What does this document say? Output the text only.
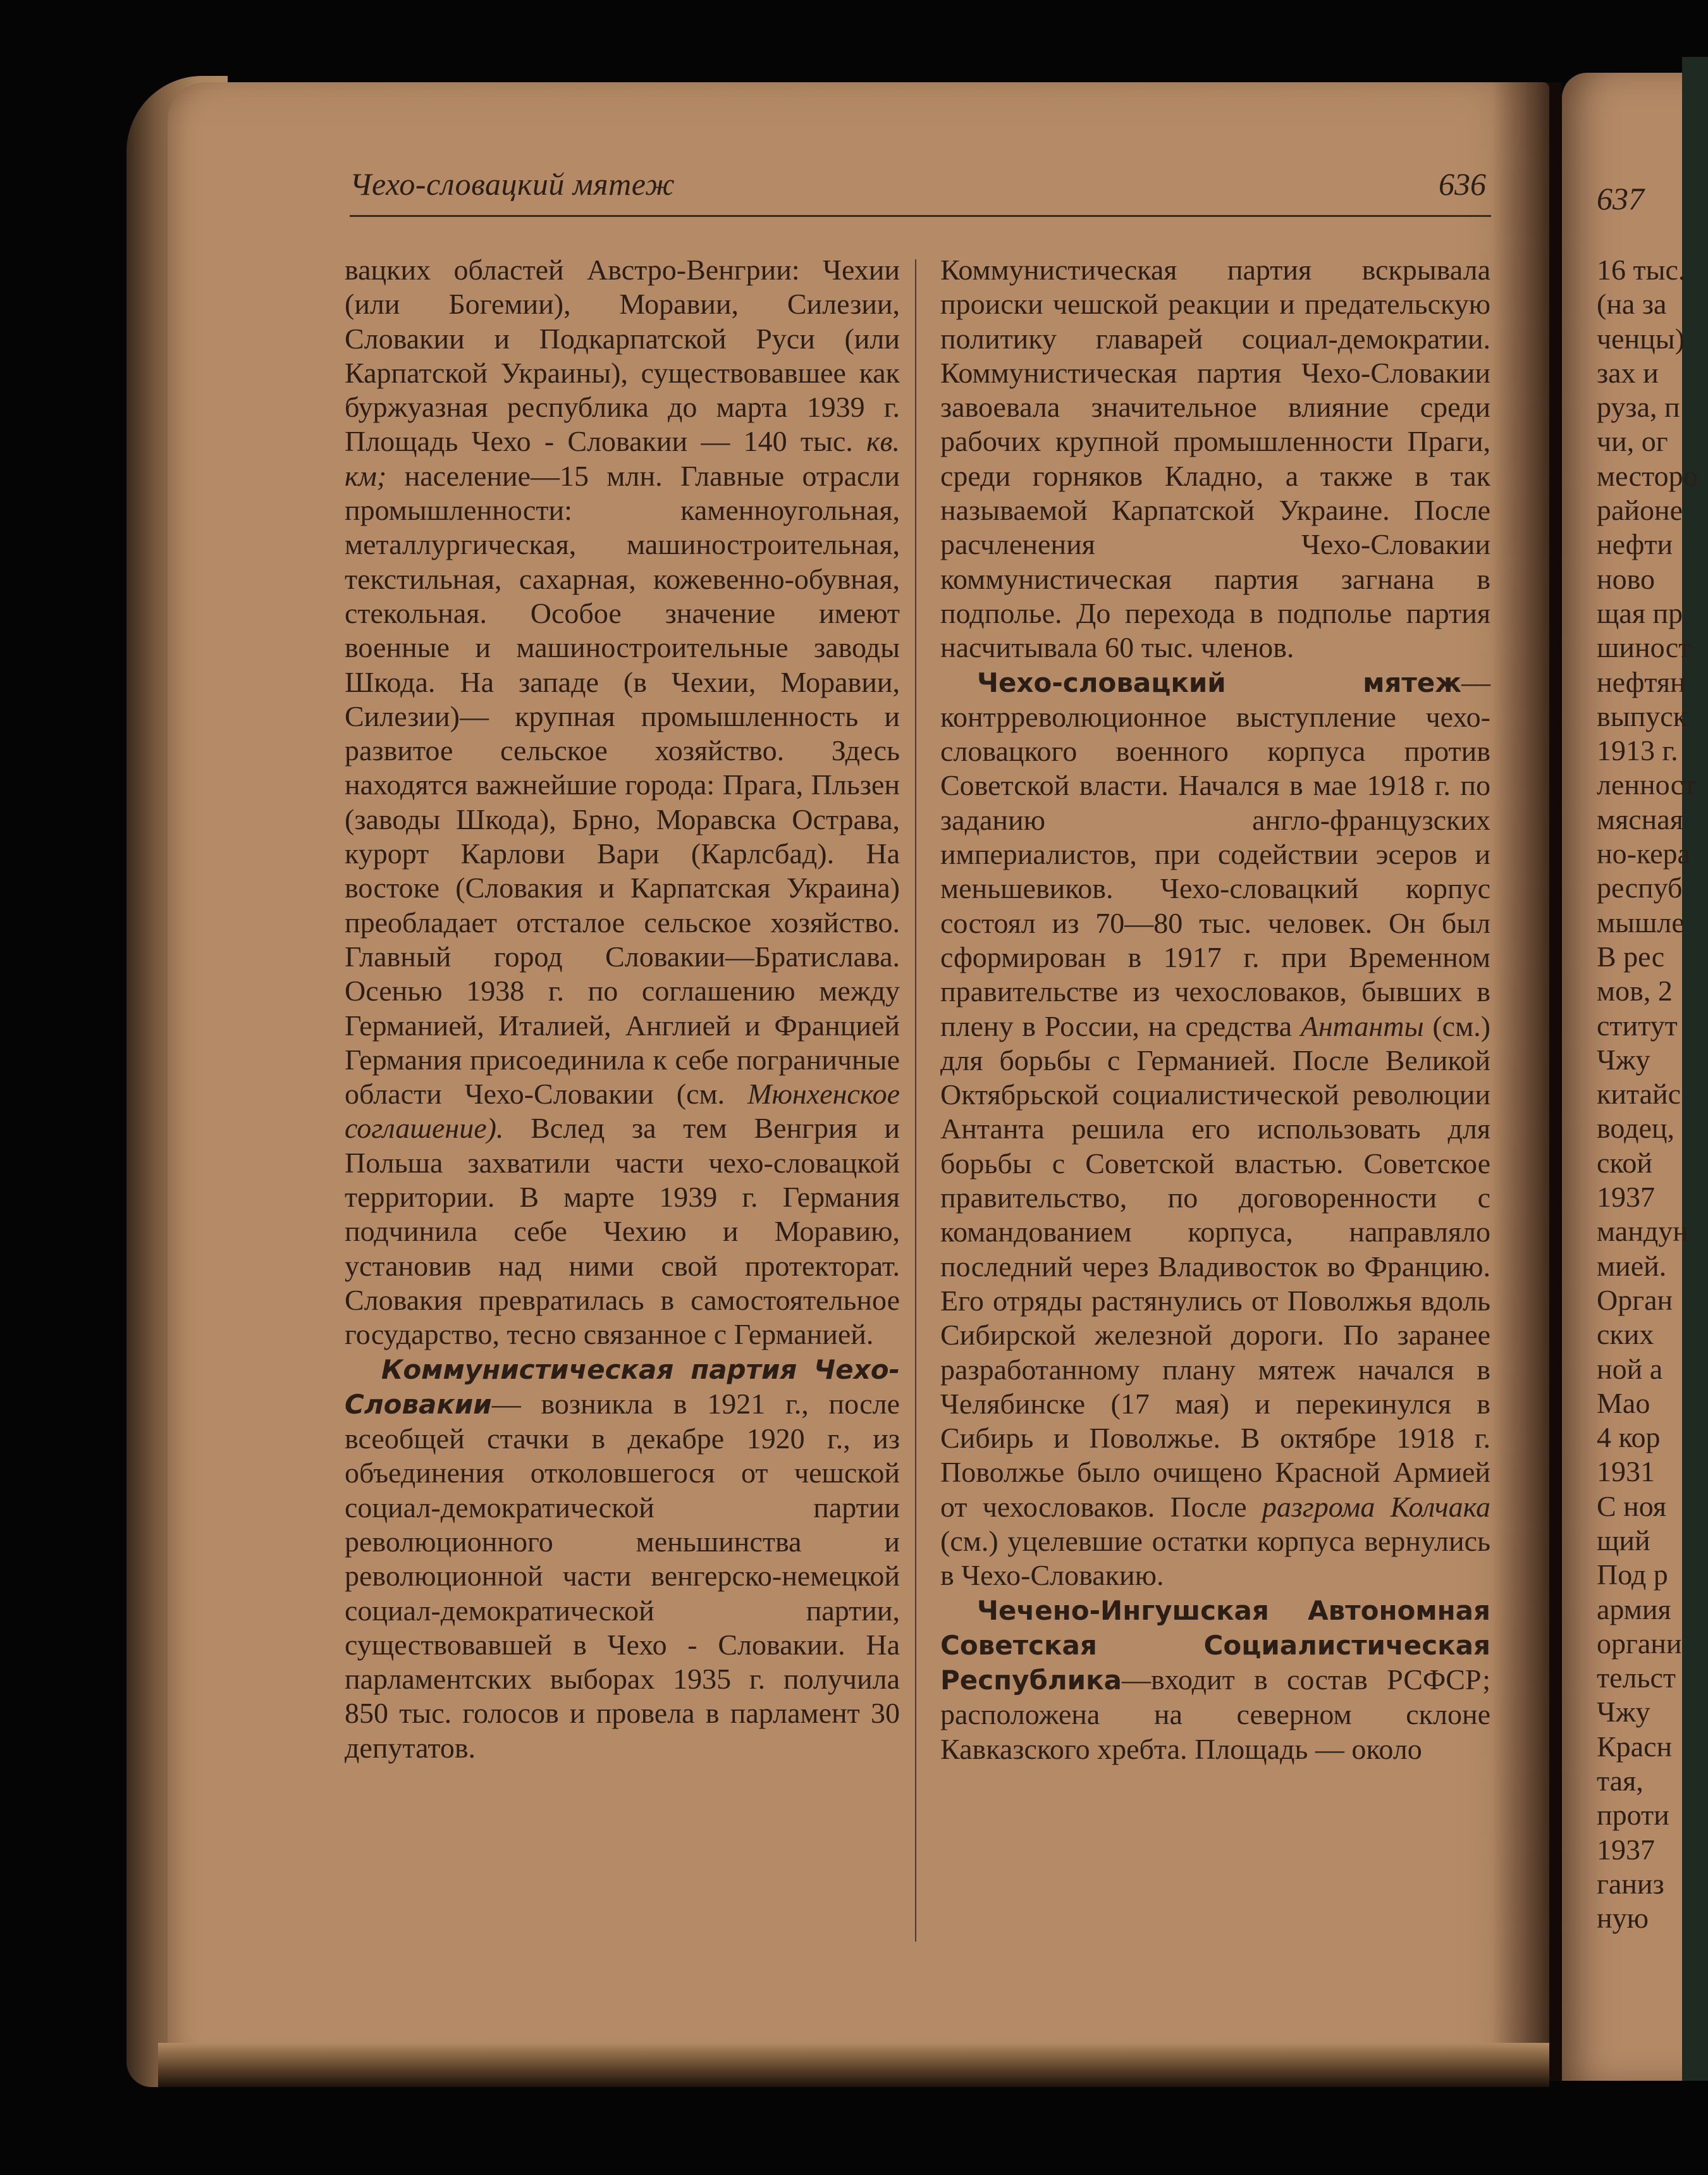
Чехо-словацкий мятеж	636	637

вацких областей Австро-Венгрии: Чехии (или Богемии), Моравии, Силезии, Словакии и Подкарпатской Руси (или Карпатской Украины), существовавшее как буржуазная республика до марта 1939 г. Площадь Чехо - Словакии — 140 тыс. кв. км; население—15 млн. Главные отрасли промышленности: каменноугольная, металлургическая, машиностроительная, текстильная, сахарная, кожевенно-обувная, стекольная. Особое значение имеют военные и машиностроительные заводы Шкода. На западе (в Чехии, Моравии, Силезии)— крупная промышленность и развитое сельское хозяйство. Здесь находятся важнейшие города: Прага, Пльзен (заводы Шкода), Брно, Моравска Острава, курорт Карлови Вари (Карлсбад). На востоке (Словакия и Карпатская Украина) преобладает отсталое сельское хозяйство. Главный город Словакии—Братислава. Осенью 1938 г. по соглашению между Германией, Италией, Англией и Францией Германия присоединила к себе пограничные области Чехо-Словакии (см. Мюнхенское соглашение). Вслед за тем Венгрия и Польша захватили части чехо-словацкой территории. В марте 1939 г. Германия подчинила себе Чехию и Моравию, установив над ними свой протекторат. Словакия превратилась в самостоятельное государство, тесно связанное с Германией.

Коммунистическая партия Чехо-Словакии— возникла в 1921 г., после всеобщей стачки в декабре 1920 г., из объединения отколовшегося от чешской социал-демократической партии революционного меньшинства и революционной части венгерско-немецкой социал-демократической партии, существовавшей в Чехо - Словакии. На парламентских выборах 1935 г. получила 850 тыс. голосов и провела в парламент 30 депутатов.

Коммунистическая партия вскрывала происки чешской реакции и предательскую политику главарей социал-демократии. Коммунистическая партия Чехо-Словакии завоевала значительное влияние среди рабочих крупной промышленности Праги, среди горняков Кладно, а также в так называемой Карпатской Украине. После расчленения Чехо-Словакии коммунистическая партия загнана в подполье. До перехода в подполье партия насчитывала 60 тыс. членов.

Чехо-словацкий мятеж—контрреволюционное выступление чехо-словацкого военного корпуса против Советской власти. Начался в мае 1918 г. по заданию англо-французских империалистов, при содействии эсеров и меньшевиков. Чехо-словацкий корпус состоял из 70—80 тыс. человек. Он был сформирован в 1917 г. при Временном правительстве из чехословаков, бывших в плену в России, на средства Антанты (см.) для борьбы с Германией. После Великой Октябрьской социалистической революции Антанта решила его использовать для борьбы с Советской властью. Советское правительство, по договоренности с командованием корпуса, направляло последний через Владивосток во Францию. Его отряды растянулись от Поволжья вдоль Сибирской железной дороги. По заранее разработанному плану мятеж начался в Челябинске (17 мая) и перекинулся в Сибирь и Поволжье. В октябре 1918 г. Поволжье было очищено Красной Армией от чехословаков. После разгрома Колчака (см.) уцелевшие остатки корпуса вернулись в Чехо-Словакию.

Чечено-Ингушская Автономная Советская Социалистическая Республика—входит в состав РСФСР; расположена на северном склоне Кавказского хребта. Площадь — около

16 тыс.
(на за
ченцы)
зах и
руза, п
чи, ог
месторо
районе
нефти
ново
щая пр
шиност
нефтян
выпуск
1913 г.
ленност
мясная
но-кера
респуб
мышле
В рес
мов, 2
ститут
Чжу
китайс
водец,
ской
1937
мандун
мией.
Орган
ских
ной а
Мао
4 кор
1931
С ноя
щий
Под р
армия
органи
тельст
Чжу
Красн
тая,
проти
1937
ганиз
ную
